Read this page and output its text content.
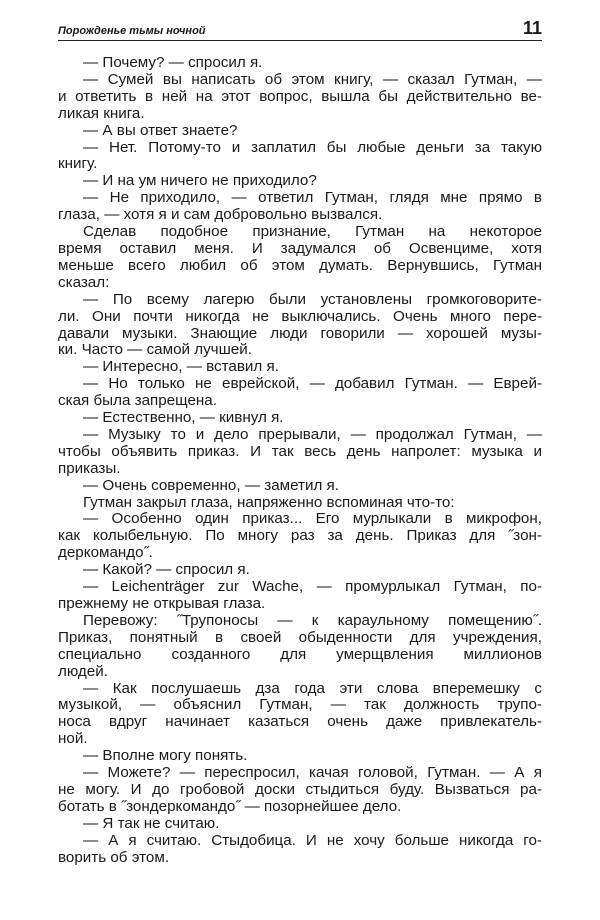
Порожденье тьмы ночной	11
— Почему? — спросил я.
— Сумей вы написать об этом книгу, — сказал Гутман, —
и ответить в ней на этот вопрос, вышла бы действительно ве-
ликая книга.
— А вы ответ знаете?
— Нет. Потому-то и заплатил бы любые деньги за такую
книгу.
— И на ум ничего не приходило?
— Не приходило, — ответил Гутман, глядя мне прямо в
глаза, — хотя я и сам добровольно вызвался.
Сделав подобное признание, Гутман на некоторое
время оставил меня. И задумался об Освенциме, хотя
меньше всего любил об этом думать. Вернувшись, Гутман
сказал:
— По всему лагерю были установлены громкоговорите-
ли. Они почти никогда не выключались. Очень много пере-
давали музыки. Знающие люди говорили — хорошей музы-
ки. Часто — самой лучшей.
— Интересно, — вставил я.
— Но только не еврейской, — добавил Гутман. — Еврей-
ская была запрещена.
— Естественно, — кивнул я.
— Музыку то и дело прерывали, — продолжал Гутман, —
чтобы объявить приказ. И так весь день напролет: музыка и
приказы.
— Очень современно, — заметил я.
Гутман закрыл глаза, напряженно вспоминая что-то:
— Особенно один приказ... Его мурлыкали в микрофон,
как колыбельную. По многу раз за день. Приказ для ˝зон-
деркомандо˝.
— Какой? — спросил я.
— Leichenträger zur Wache, — промурлыкал Гутман, по-
прежнему не открывая глаза.
Перевожу: ˝Трупоносы — к караульному помещению˝.
Приказ, понятный в своей обыденности для учреждения,
специально созданного для умерщвления миллионов
людей.
— Как послушаешь дза года эти слова вперемешку с
музыкой, — объяснил Гутман, — так должность трупо-
носа вдруг начинает казаться очень даже привлекатель-
ной.
— Вполне могу понять.
— Можете? — переспросил, качая головой, Гутман. — А я
не могу. И до гробовой доски стыдиться буду. Вызваться ра-
ботать в ˝зондеркомандо˝ — позорнейшее дело.
— Я так не считаю.
— А я считаю. Стыдобица. И не хочу больше никогда го-
ворить об этом.
